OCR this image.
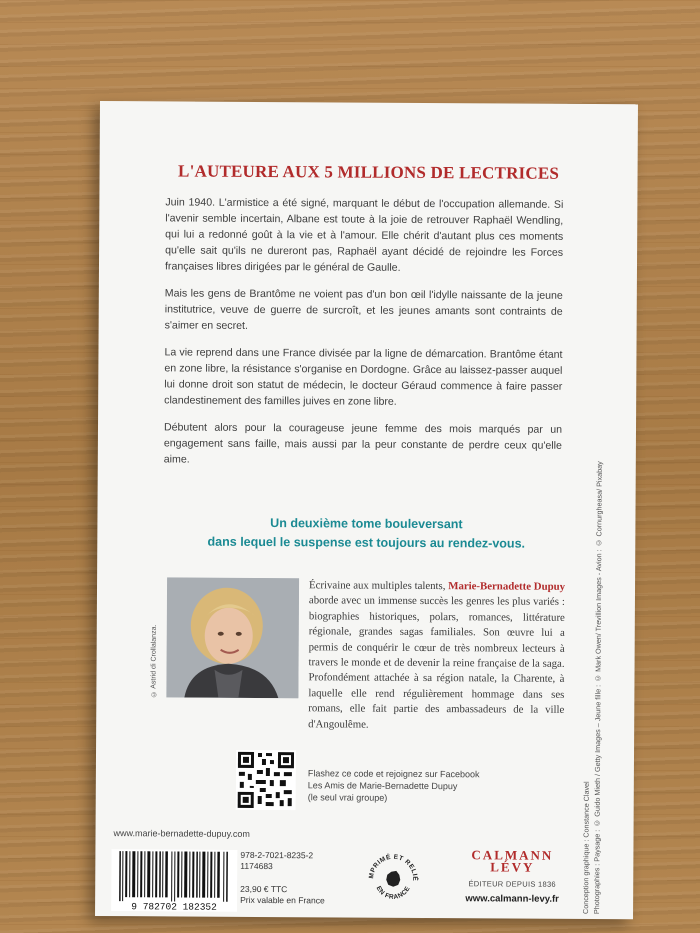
L'AUTEURE AUX 5 MILLIONS DE LECTRICES

Juin 1940. L'armistice a été signé, marquant le début de l'occupation allemande. Si l'avenir semble incertain, Albane est toute à la joie de retrouver Raphaël Wendling, qui lui a redonné goût à la vie et à l'amour. Elle chérit d'autant plus ces moments qu'elle sait qu'ils ne dureront pas, Raphaël ayant décidé de rejoindre les Forces françaises libres dirigées par le général de Gaulle.

Mais les gens de Brantôme ne voient pas d'un bon œil l'idylle naissante de la jeune institutrice, veuve de guerre de surcroît, et les jeunes amants sont contraints de s'aimer en secret.

La vie reprend dans une France divisée par la ligne de démarcation. Brantôme étant en zone libre, la résistance s'organise en Dordogne. Grâce au laissez-passer auquel lui donne droit son statut de médecin, le docteur Géraud commence à faire passer clandestinement des familles juives en zone libre.

Débutent alors pour la courageuse jeune femme des mois marqués par un engagement sans faille, mais aussi par la peur constante de perdre ceux qu'elle aime.

Un deuxième tome bouleversant
dans lequel le suspense est toujours au rendez-vous.
© Astrid di Crollalanza.
Écrivaine aux multiples talents, Marie-Bernadette Dupuy aborde avec un immense succès les genres les plus variés : biographies historiques, polars, romances, littérature régionale, grandes sagas familiales. Son œuvre lui a permis de conquérir le cœur de très nombreux lecteurs à travers le monde et de devenir la reine française de la saga. Profondément attachée à sa région natale, la Charente, à laquelle elle rend régulièrement hommage dans ses romans, elle fait partie des ambassadeurs de la ville d'Angoulême.
Flashez ce code et rejoignez sur Facebook
Les Amis de Marie-Bernadette Dupuy
(le seul vrai groupe)
www.marie-bernadette-dupuy.com
9 782702 182352
978-2-7021-8235-2
1174683
23,90 € TTC
Prix valable en France
IMPRIMÉ ET RELIÉ
EN FRANCE
CALMANN
LÉVY
ÉDITEUR DEPUIS 1836
www.calmann-levy.fr	Conception graphique : Constance Clavel Photographies : Paysage : © Guido Mieth / Getty Images – Jeune fille : © Mark Owen/ Trevillion Images - Avion : © Cornurgheasa/ Pixabay
